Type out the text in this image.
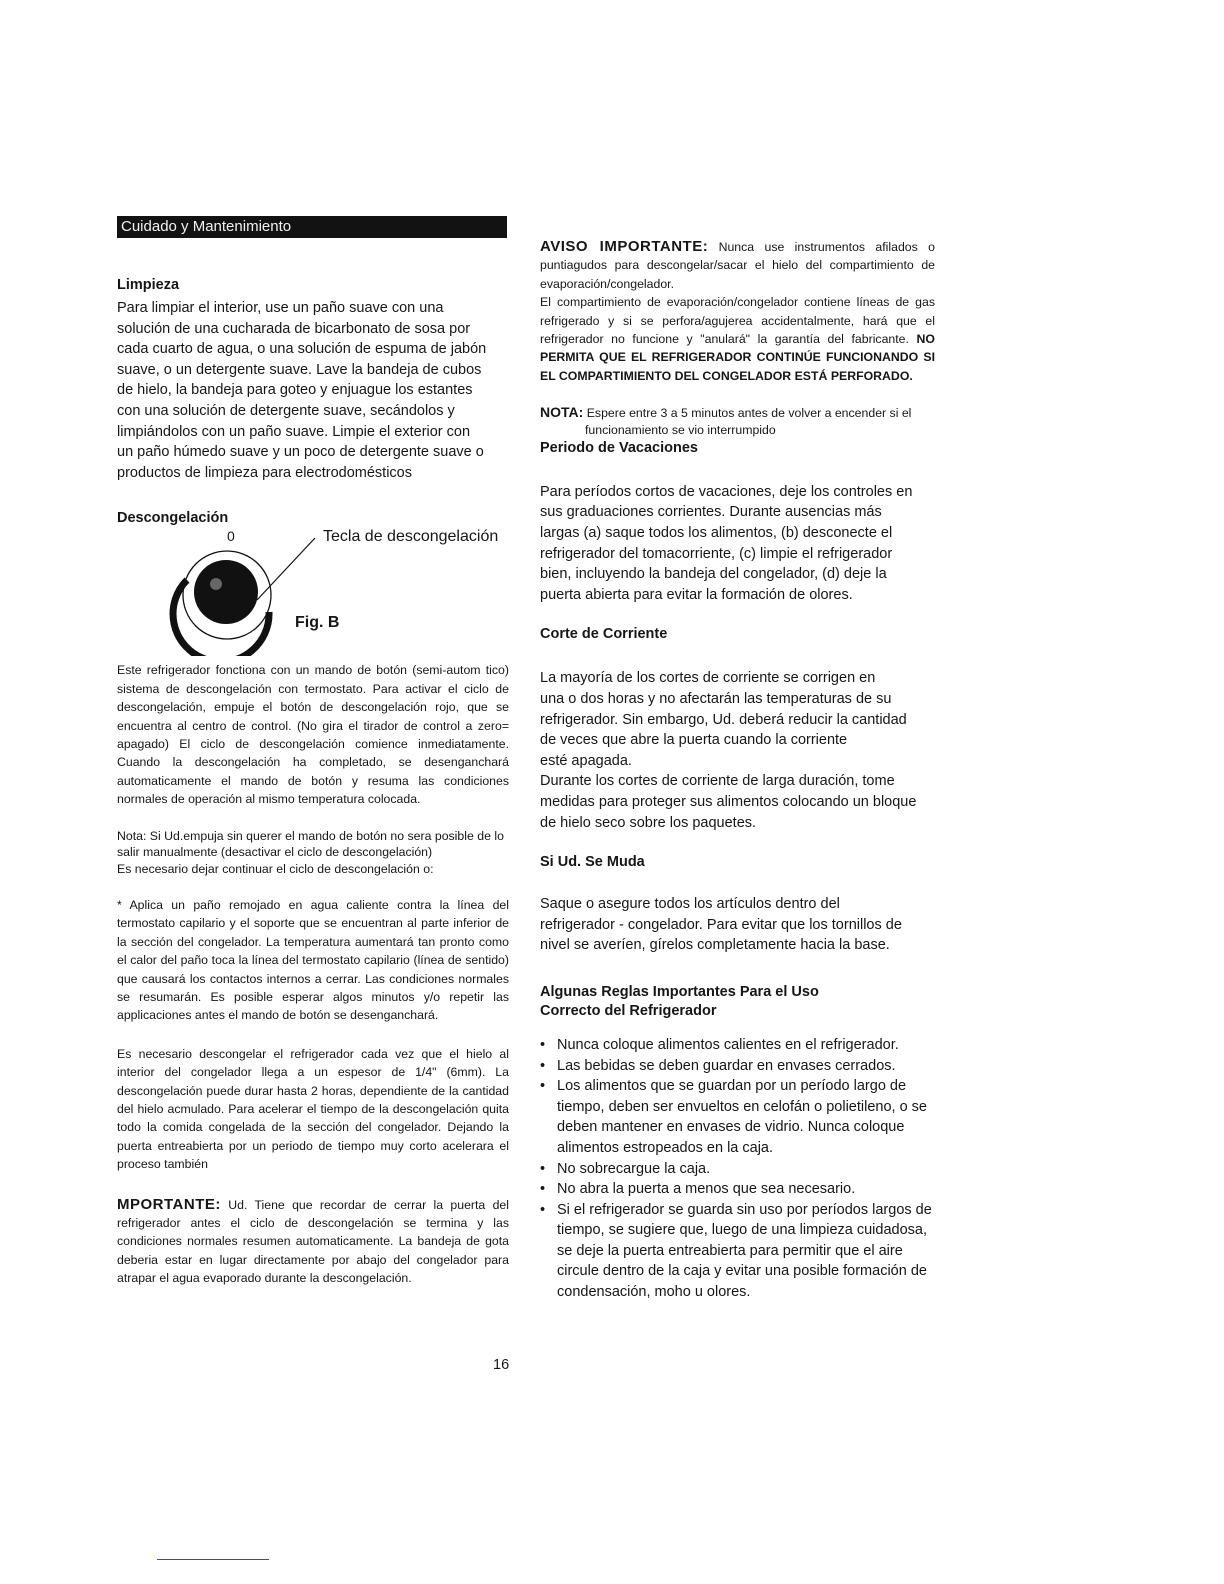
Cuidado y Mantenimiento

Limpieza

Para limpiar el interior, use un paño suave con una
solución de una cucharada de bicarbonato de sosa por
cada cuarto de agua, o una solución de espuma de jabón
suave, o un detergente suave. Lave la bandeja de cubos
de hielo, la bandeja para goteo y enjuague los estantes
con una solución de detergente suave, secándolos y
limpiándolos con un paño suave. Limpie el exterior con
un paño húmedo suave y un poco de detergente suave o
productos de limpieza para electrodomésticos

Descongelación

0	Tecla de descongelación
Fig. B

Este refrigerador fonctiona con un mando de botón (semi-autom tico) sistema de descongelación con termostato. Para activar el ciclo de descongelación, empuje el botón de descongelación rojo, que se encuentra al centro de control. (No gira el tirador de control a zero= apagado) El ciclo de descongelación comience inmediatamente. Cuando la descongelación ha completado, se desenganchará automaticamente el mando de botón y resuma las condiciones normales de operación al mismo temperatura colocada.

Nota: Si Ud.empuja sin querer el mando de botón no sera posible de lo
salir manualmente (desactivar el ciclo de descongelación)
Es necesario dejar continuar el ciclo de descongelación o:

* Aplica un paño remojado en agua caliente contra la línea del termostato capilario y el soporte que se encuentran al parte inferior de la sección del congelador. La temperatura aumentará tan pronto como el calor del paño toca la línea del termostato capilario (línea de sentido) que causará los contactos internos a cerrar. Las condiciones normales se resumarán. Es posible esperar algos minutos y/o repetir las applicaciones antes el mando de botón se desenganchará.

Es necesario descongelar el refrigerador cada vez que el hielo al interior del congelador llega a un espesor de 1/4" (6mm). La descongelación puede durar hasta 2 horas, dependiente de la cantidad del hielo acmulado. Para acelerar el tiempo de la descongelación quita todo la comida congelada de la sección del congelador. Dejando la puerta entreabierta por un periodo de tiempo muy corto acelerara el proceso también

MPORTANTE: Ud. Tiene que recordar de cerrar la puerta del refrigerador antes el ciclo de descongelación se termina y las condiciones normales resumen automaticamente. La bandeja de gota deberia estar en lugar directamente por abajo del congelador para atrapar el agua evaporado durante la descongelación.

16

AVISO IMPORTANTE: Nunca use instrumentos afilados o puntiagudos para descongelar/sacar el hielo del compartimiento de evaporación/congelador.

El compartimiento de evaporación/congelador contiene líneas de gas refrigerado y si se perfora/agujerea accidentalmente, hará que el refrigerador no funcione y "anulará" la garantía del fabricante. NO PERMITA QUE EL REFRIGERADOR CONTINÚE FUNCIONANDO SI EL COMPARTIMIENTO DEL CONGELADOR ESTÁ PERFORADO.

NOTA: Espere entre 3 a 5 minutos antes de volver a encender si el
funcionamiento se vio interrumpido

Periodo de Vacaciones

Para períodos cortos de vacaciones, deje los controles en
sus graduaciones corrientes. Durante ausencias más
largas (a) saque todos los alimentos, (b) desconecte el
refrigerador del tomacorriente, (c) limpie el refrigerador
bien, incluyendo la bandeja del congelador, (d) deje la
puerta abierta para evitar la formación de olores.

Corte de Corriente

La mayoría de los cortes de corriente se corrigen en
una o dos horas y no afectarán las temperaturas de su
refrigerador. Sin embargo, Ud. deberá reducir la cantidad
de veces que abre la puerta cuando la corriente
esté apagada.
Durante los cortes de corriente de larga duración, tome
medidas para proteger sus alimentos colocando un bloque
de hielo seco sobre los paquetes.

Si Ud. Se Muda

Saque o asegure todos los artículos dentro del
refrigerador - congelador. Para evitar que los tornillos de
nivel se averíen, gírelos completamente hacia la base.

Algunas Reglas Importantes Para el Uso

Correcto del Refrigerador

• Nunca coloque alimentos calientes en el refrigerador.
• Las bebidas se deben guardar en envases cerrados.
• Los alimentos que se guardan por un período largo de tiempo, deben ser envueltos en celofán o polietileno, o se deben mantener en envases de vidrio. Nunca coloque alimentos estropeados en la caja.
• No sobrecargue la caja.
• No abra la puerta a menos que sea necesario.
• Si el refrigerador se guarda sin uso por períodos largos de tiempo, se sugiere que, luego de una limpieza cuidadosa, se deje la puerta entreabierta para permitir que el aire circule dentro de la caja y evitar una posible formación de condensación, moho u olores.
